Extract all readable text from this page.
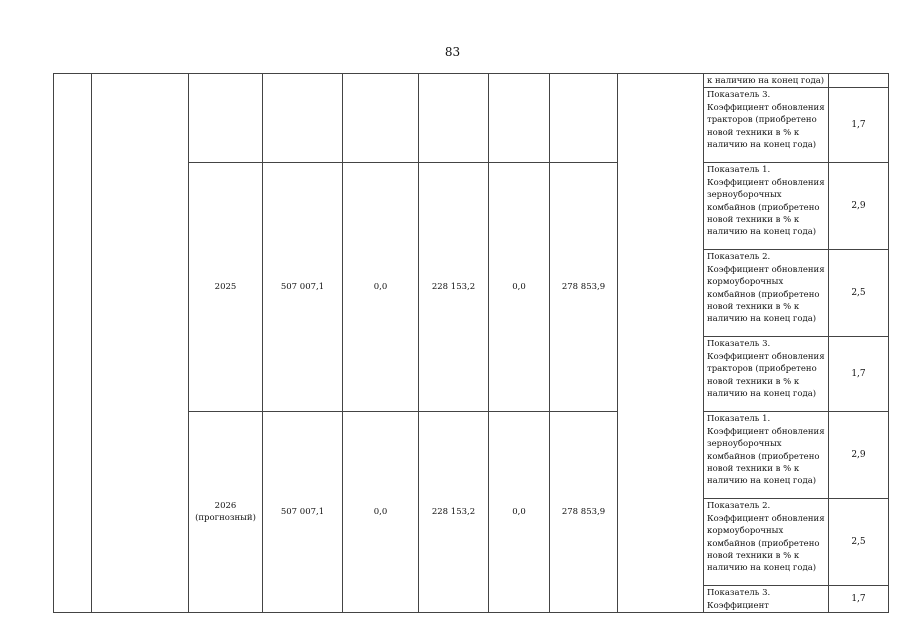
83
									к наличию на конец года)	
									Показатель 3. Коэффициент обновления тракторов (приобретено новой техники в % к наличию на конец года)	1,7
		2025	507 007,1	0,0	228 153,2	0,0	278 853,9		Показатель 1. Коэффициент обновления зерноуборочных комбайнов (приобретено новой техники в % к наличию на конец года)	2,9
									Показатель 2. Коэффициент обновления кормоуборочных комбайнов (приобретено новой техники в % к наличию на конец года)	2,5
									Показатель 3. Коэффициент обновления тракторов (приобретено новой техники в % к наличию на конец года)	1,7
		2026
(прогнозный)	507 007,1	0,0	228 153,2	0,0	278 853,9		Показатель 1. Коэффициент обновления зерноуборочных комбайнов (приобретено новой техники в % к наличию на конец года)	2,9
									Показатель 2. Коэффициент обновления кормоуборочных комбайнов (приобретено новой техники в % к наличию на конец года)	2,5
									Показатель 3. Коэффициент	1,7
